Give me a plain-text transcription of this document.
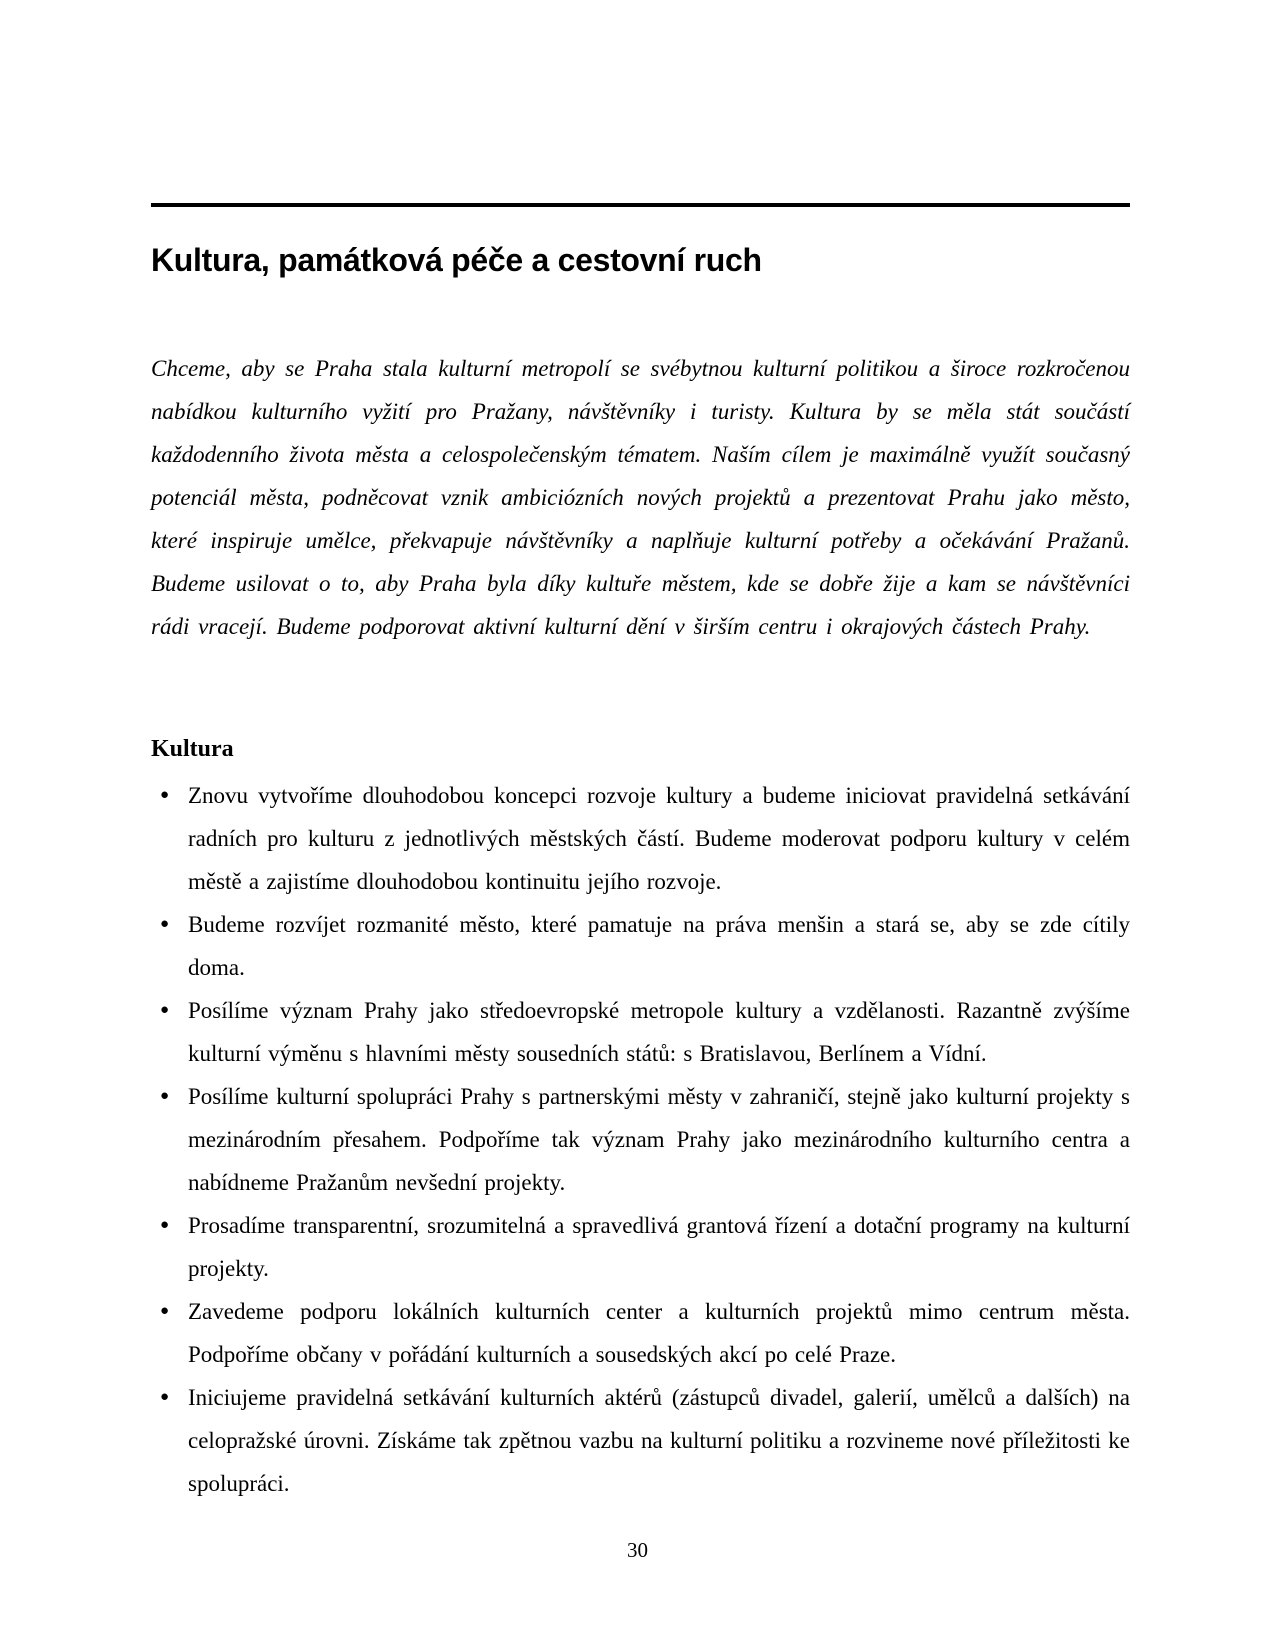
Kultura, památková péče a cestovní ruch

Chceme, aby se Praha stala kulturní metropolí se svébytnou kulturní politikou a široce rozkročenou nabídkou kulturního vyžití pro Pražany, návštěvníky i turisty. Kultura by se měla stát součástí každodenního života města a celospolečenským tématem. Naším cílem je maximálně využít současný potenciál města, podněcovat vznik ambiciózních nových projektů a prezentovat Prahu jako město, které inspiruje umělce, překvapuje návštěvníky a naplňuje kulturní potřeby a očekávání Pražanů. Budeme usilovat o to, aby Praha byla díky kultuře městem, kde se dobře žije a kam se návštěvníci rádi vracejí. Budeme podporovat aktivní kulturní dění v širším centru i okrajových částech Prahy.

Kultura
● Znovu vytvoříme dlouhodobou koncepci rozvoje kultury a budeme iniciovat pravidelná setkávání radních pro kulturu z jednotlivých městských částí. Budeme moderovat podporu kultury v celém městě a zajistíme dlouhodobou kontinuitu jejího rozvoje.
● Budeme rozvíjet rozmanité město, které pamatuje na práva menšin a stará se, aby se zde cítily doma.
● Posílíme význam Prahy jako středoevropské metropole kultury a vzdělanosti. Razantně zvýšíme kulturní výměnu s hlavními městy sousedních států: s Bratislavou, Berlínem a Vídní.
● Posílíme kulturní spolupráci Prahy s partnerskými městy v zahraničí, stejně jako kulturní projekty s mezinárodním přesahem. Podpoříme tak význam Prahy jako mezinárodního kulturního centra a nabídneme Pražanům nevšední projekty.
● Prosadíme transparentní, srozumitelná a spravedlivá grantová řízení a dotační programy na kulturní projekty.
● Zavedeme podporu lokálních kulturních center a kulturních projektů mimo centrum města. Podpoříme občany v pořádání kulturních a sousedských akcí po celé Praze.
● Iniciujeme pravidelná setkávání kulturních aktérů (zástupců divadel, galerií, umělců a dalších) na celopražské úrovni. Získáme tak zpětnou vazbu na kulturní politiku a rozvineme nové příležitosti ke spolupráci.
30
